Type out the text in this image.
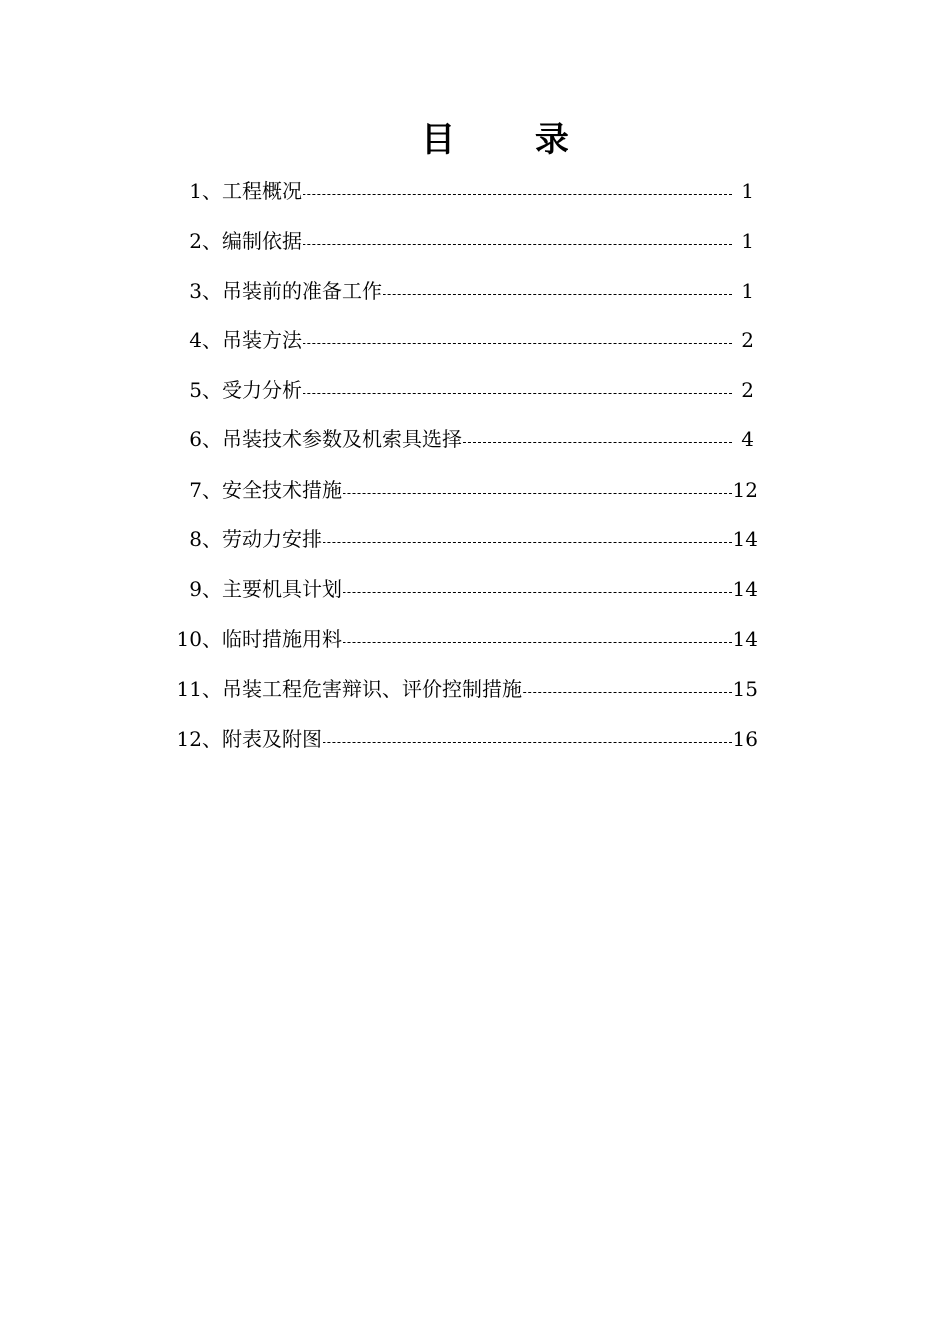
目 录
1、 工程概况	1
2、 编制依据	1
3、 吊装前的准备工作	1
4、 吊装方法	2
5、 受力分析	2
6、 吊装技术参数及机索具选择	4
7、 安全技术措施	12
8、 劳动力安排	14
9、 主要机具计划	14
10、 临时措施用料	14
11、 吊装工程危害辩识、评价控制措施	15
12、 附表及附图	16
